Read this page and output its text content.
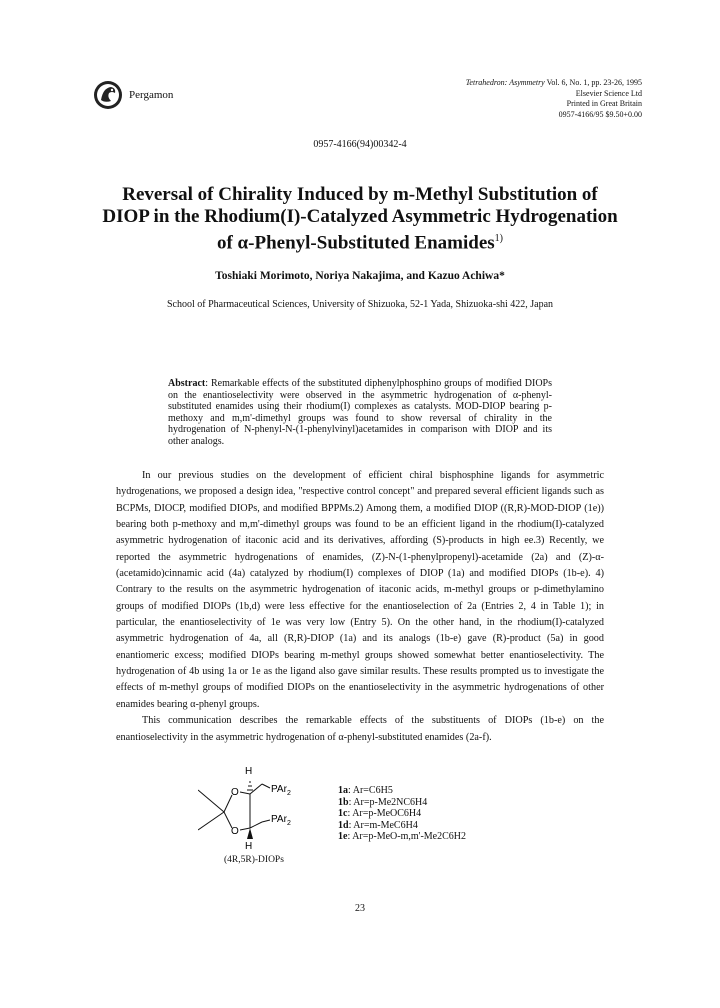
Pergamon
Tetrahedron: Asymmetry Vol. 6, No. 1, pp. 23-26, 1995
Elsevier Science Ltd
Printed in Great Britain
0957-4166/95 $9.50+0.00
0957-4166(94)00342-4
Reversal of Chirality Induced by m-Methyl Substitution of
DIOP in the Rhodium(I)-Catalyzed Asymmetric Hydrogenation
of α-Phenyl-Substituted Enamides$^{1)}$
Toshiaki Morimoto, Noriya Nakajima, and Kazuo Achiwa*
School of Pharmaceutical Sciences, University of Shizuoka, 52-1 Yada, Shizuoka-shi 422, Japan
Abstract: Remarkable effects of the substituted diphenylphosphino groups of modified DIOPs on the enantioselectivity were observed in the asymmetric hydrogenation of α-phenyl-substituted enamides using their rhodium(I) complexes as catalysts. MOD-DIOP bearing p-methoxy and m,m'-dimethyl groups was found to show reversal of chirality in the hydrogenation of N-phenyl-N-(1-phenylvinyl)acetamides in comparison with DIOP and its other analogs.

In our previous studies on the development of efficient chiral bisphosphine ligands for asymmetric hydrogenations, we proposed a design idea, "respective control concept" and prepared several efficient ligands such as BCPMs, DIOCP, modified DIOPs, and modified BPPMs.2) Among them, a modified DIOP ((R,R)-MOD-DIOP (1e)) bearing both p-methoxy and m,m'-dimethyl groups was found to be an efficient ligand in the rhodium(I)-catalyzed asymmetric hydrogenation of itaconic acid and its derivatives, affording (S)-products in high ee.3) Recently, we reported the asymmetric hydrogenations of enamides, (Z)-N-(1-phenylpropenyl)-acetamide (2a) and (Z)-α-(acetamido)cinnamic acid (4a) catalyzed by rhodium(I) complexes of DIOP (1a) and modified DIOPs (1b-e). 4) Contrary to the results on the asymmetric hydrogenation of itaconic acids, m-methyl groups or p-dimethylamino groups of modified DIOPs (1b,d) were less effective for the enantioselection of 2a (Entries 2, 4 in Table 1); in particular, the enantioselectivity of 1e was very low (Entry 5). On the other hand, in the rhodium(I)-catalyzed asymmetric hydrogenation of 4a, all (R,R)-DIOP (1a) and its analogs (1b-e) gave (R)-product (5a) in good enantiomeric excess; modified DIOPs bearing m-methyl groups showed somewhat better enantioselectivity. The hydrogenation of 4b using 1a or 1e as the ligand also gave similar results. These results prompted us to investigate the effects of m-methyl groups of modified DIOPs on the enantioselectivity in the asymmetric hydrogenations of other enamides bearing α-phenyl groups.

This communication describes the remarkable effects of the substituents of DIOPs (1b-e) on the enantioselectivity in the asymmetric hydrogenation of α-phenyl-substituted enamides (2a-f).

H
H
O
O
PAr$_2$
PAr$_2$
(4R,5R)-DIOPs
1a: Ar=C6H5
1b: Ar=p-Me2NC6H4
1c: Ar=p-MeOC6H4
1d: Ar=m-MeC6H4
1e: Ar=p-MeO-m,m'-Me2C6H2
23
